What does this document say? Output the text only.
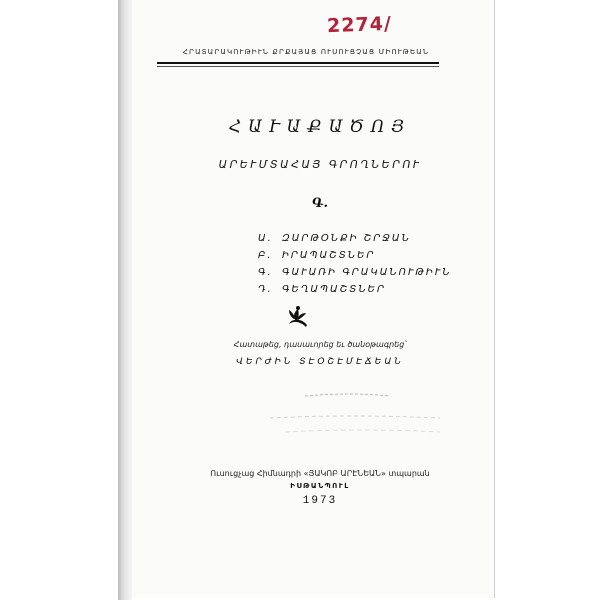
2274/
ՀՐԱՏԱՐԱԿՈՒԹԻՒՆ ՔՐՔԱՅԱՑ ՈՒՍՈՒՑՉԱՑ ՄԻՈՒԹԵԱՆ
ՀԱՒԱՔԱԾՈՅ
ԱՐԵՒՄՏԱՀԱՅ ԳՐՈՂՆԵՐՈՒ
Գ.
Ա. ԶԱՐԹՕՆՔԻ ՇՐՋԱՆ
Բ. ԻՐԱՊԱՇՏՆԵՐ
Գ. ԳԱՒԱՌԻ ԳՐԱԿԱՆՈՒԹԻՒՆ
Դ. ԳԵՂԱՊԱՇՏՆԵՐ
Հատաթեց, դասաւորեց եւ ծանօթագրեց՝
ՎԵՐԺԻՆ ՏԷՕՇԷՄԷՃԵԱՆ
Ուսուցչաց Հիմնադրի «ՅԱԿՈԲ ԱՐԷՆԵԱՆ» տպարան
ԻՍԹԱՆՊՈՒԼ
1973
